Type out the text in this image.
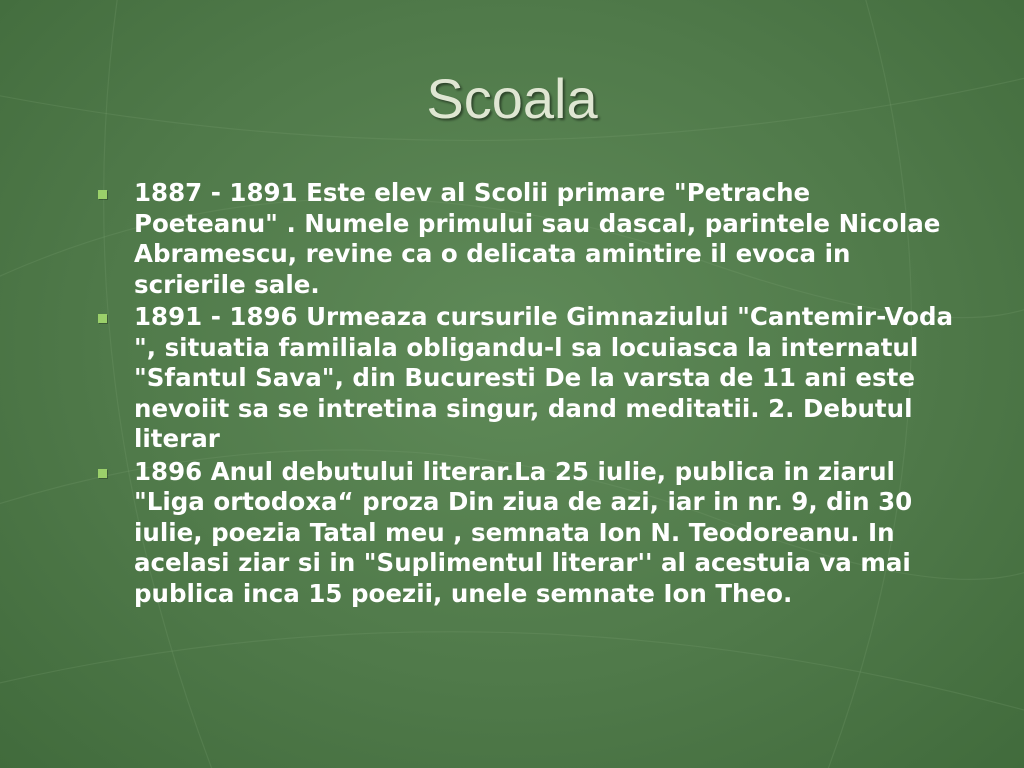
Scoala
1887 - 1891 Este elev al Scolii primare "Petrache Poeteanu" . Numele primului sau dascal, parintele Nicolae Abramescu, revine ca o delicata amintire il evoca in scrierile sale.
1891 - 1896 Urmeaza cursurile Gimnaziului "Cantemir-Voda ", situatia familiala obligandu-l sa locuiasca la internatul "Sfantul Sava", din Bucuresti De la varsta de 11 ani este nevoiit sa se intretina singur, dand meditatii. 2. Debutul literar
1896 Anul debutului literar.La 25 iulie, publica in ziarul "Liga ortodoxa“ proza Din ziua de azi, iar in nr. 9, din 30 iulie, poezia Tatal meu , semnata Ion N. Teodoreanu. In acelasi ziar si in "Suplimentul literar'' al acestuia va mai publica inca 15 poezii, unele semnate Ion Theo.
